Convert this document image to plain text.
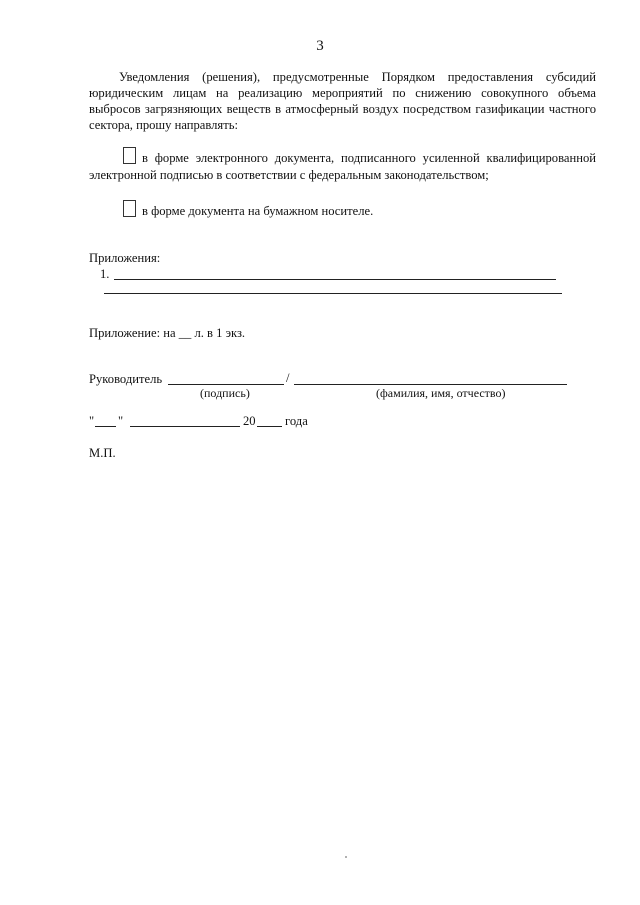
3
Уведомления (решения), предусмотренные Порядком предоставления субсидий юридическим лицам на реализацию мероприятий по снижению совокупного объема выбросов загрязняющих веществ в атмосферный воздух посредством газификации частного сектора, прошу направлять:
в форме электронного документа, подписанного усиленной квалифицированной электронной подписью в соответствии с федеральным законодательством;
в форме документа на бумажном носителе.
Приложения:
1.
Приложение: на __ л. в 1 экз.
Руководитель	/
(подпись)	(фамилия, имя, отчество)
" "	20 года
М.П.
